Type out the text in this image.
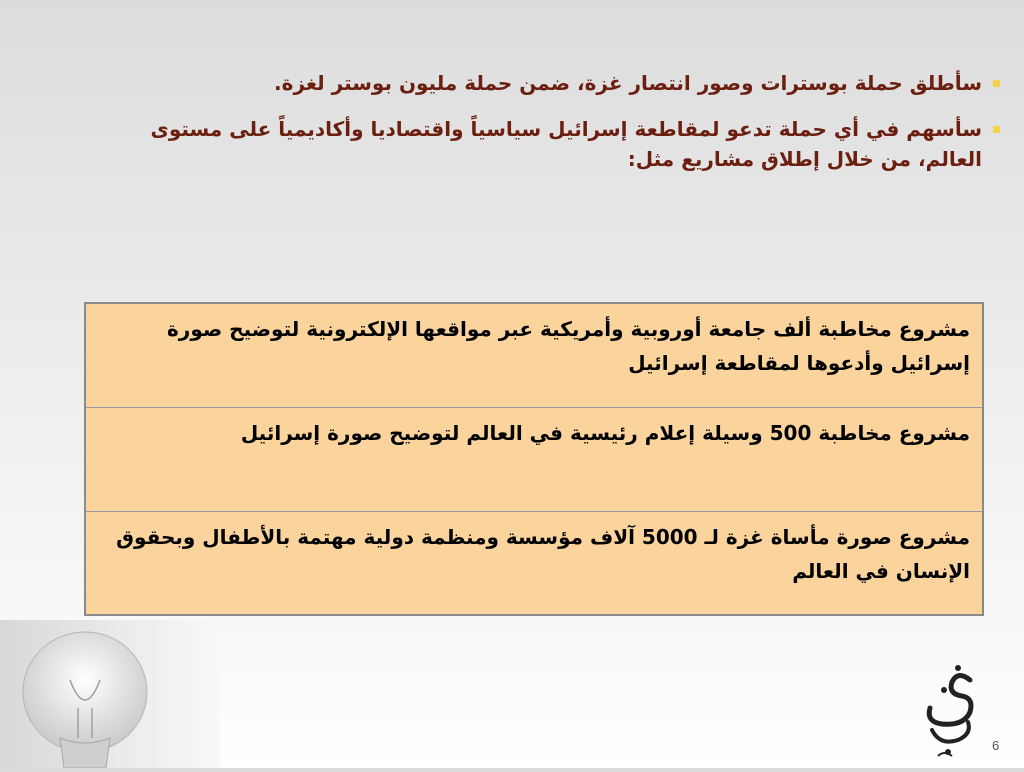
سأطلق حملة بوسترات وصور انتصار غزة، ضمن حملة مليون بوستر لغزة.
سأسهم في أي حملة تدعو لمقاطعة إسرائيل سياسياً واقتصاديا وأكاديمياً على مستوى العالم، من خلال إطلاق مشاريع مثل:
مشروع مخاطبة ألف جامعة أوروبية وأمريكية عبر مواقعها الإلكترونية لتوضيح صورة إسرائيل وأدعوها لمقاطعة إسرائيل
مشروع مخاطبة 500 وسيلة إعلام رئيسية في العالم لتوضيح صورة إسرائيل
مشروع صورة مأساة غزة لـ 5000 آلاف مؤسسة ومنظمة دولية مهتمة بالأطفال وبحقوق الإنسان في العالم
6
